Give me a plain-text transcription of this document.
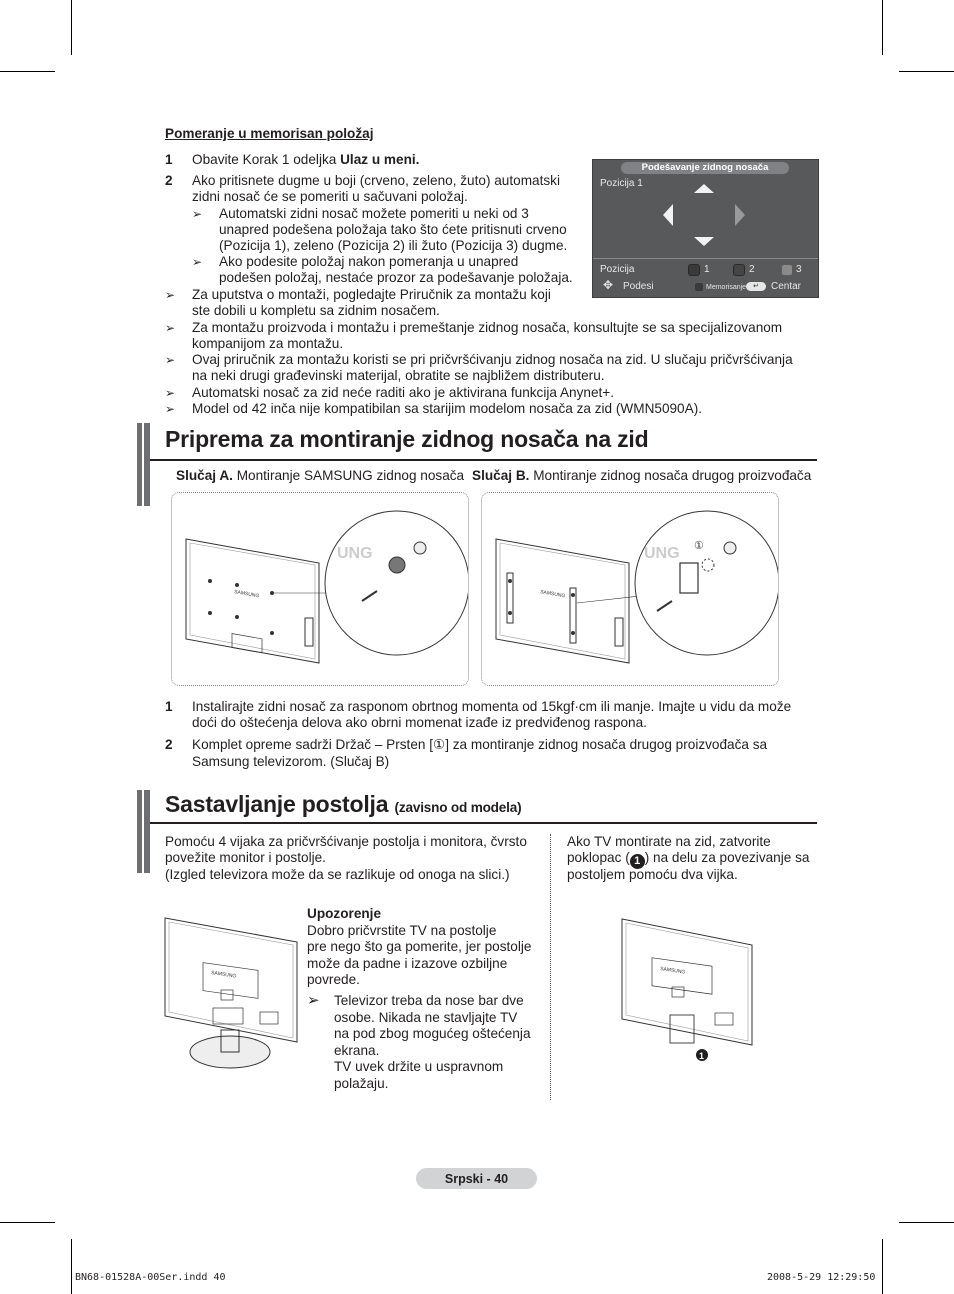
Pomeranje u memorisan položaj
1 Obavite Korak 1 odeljka Ulaz u meni.
2 Ako pritisnete dugme u boji (crveno, zeleno, žuto) automatski
zidni nosač će se pomeriti u sačuvani položaj.
➢ Automatski zidni nosač možete pomeriti u neki od 3
unapred podešena položaja tako što ćete pritisnuti crveno
(Pozicija 1), zeleno (Pozicija 2) ili žuto (Pozicija 3) dugme.
➢ Ako podesite položaj nakon pomeranja u unapred
podešen položaj, nestaće prozor za podešavanje položaja.
➢ Za uputstva o montaži, pogledajte Priručnik za montažu koji
ste dobili u kompletu sa zidnim nosačem.
➢ Za montažu proizvoda i montažu i premeštanje zidnog nosača, konsultujte se sa specijalizovanom
kompanijom za montažu.
➢ Ovaj priručnik za montažu koristi se pri pričvršćivanju zidnog nosača na zid. U slučaju pričvršćivanja
na neki drugi građevinski materijal, obratite se najbližem distributeru.
➢ Automatski nosač za zid neće raditi ako je aktivirana funkcija Anynet+.
➢ Model od 42 inča nije kompatibilan sa starijim modelom nosača za zid (WMN5090A).
Podešavanje zidnog nosača
Pozicija 1
Pozicija	1	2	3
✥ Podesi	Memorisanje ↵	Centar
Priprema za montiranje zidnog nosača na zid
Slučaj A. Montiranje SAMSUNG zidnog nosača Slučaj B. Montiranje zidnog nosača drugog proizvođača
SAMSUNG
UNG
SAMSUNG
UNG ①
1 Instalirajte zidni nosač za rasponom obrtnog momenta od 15kgf·cm ili manje. Imajte u vidu da može
doći do oštećenja delova ako obrni momenat izađe iz predviđenog raspona.
2 Komplet opreme sadrži Držač – Prsten [①] za montiranje zidnog nosača drugog proizvođača sa
Samsung televizorom. (Slučaj B)
Sastavljanje postolja (zavisno od modela)
Pomoću 4 vijaka za pričvršćivanje postolja i monitora, čvrsto
povežite monitor i postolje.
(Izgled televizora može da se razlikuje od onoga na slici.)
Ako TV montirate na zid, zatvorite
poklopac ( 1 ) na delu za povezivanje sa
postoljem pomoću dva vijka.
SAMSUNG
Upozorenje
Dobro pričvrstite TV na postolje
pre nego što ga pomerite, jer postolje
može da padne i izazove ozbiljne
povrede.
➢ Televizor treba da nose bar dve
osobe. Nikada ne stavljajte TV
na pod zbog mogućeg oštećenja
ekrana.
TV uvek držite u uspravnom
polažaju.
SAMSUNG
1
Srpski - 40
BN68-01528A-00Ser.indd 40	2008-5-29 12:29:50
